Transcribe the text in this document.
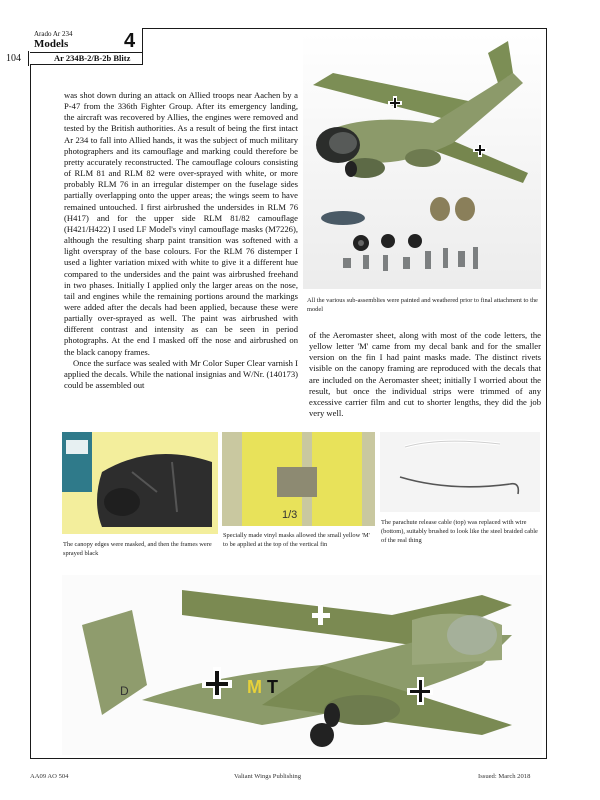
Arado Ar 234
Models	4
Ar 234B-2/B-2b Blitz
104

was shot down during an attack on Allied troops near Aachen by a P-47 from the 336th Fighter Group. After its emergency landing, the aircraft was recovered by Allies, the engines were removed and tested by the British authorities. As a result of being the first intact Ar 234 to fall into Allied hands, it was the subject of much military photographers and its camouflage and marking could therefore be pretty accurately reconstructed. The camouflage colours consisting of RLM 81 and RLM 82 were over-sprayed with white, or more probably RLM 76 in an irregular distemper on the fuselage sides partially overlapping onto the upper areas; the wings seem to have remained untouched. I first airbrushed the undersides in RLM 76 (H417) and for the upper side RLM 81/82 camouflage (H421/H422) I used LF Model's vinyl camouflage masks (M7226), although the resulting sharp paint transition was softened with a light overspray of the base colours. For the RLM 76 distemper I used a lighter variation mixed with white to give it a different hue compared to the undersides and the paint was airbrushed freehand in two phases. Initially I applied only the larger areas on the nose, tail and engines while the remaining portions around the markings were added after the decals had been applied, because these were partially over-sprayed as well. The paint was airbrushed with different contrast and intensity as can be seen in period photographs. At the end I masked off the nose and airbrushed on the black canopy frames.

Once the surface was sealed with Mr Color Super Clear varnish I applied the decals. While the national insignias and W/Nr. (140173) could be assembled out

All the various sub-assemblies were painted and weathered prior to final attachment to the model

of the Aeromaster sheet, along with most of the code letters, the yellow letter 'M' came from my decal bank and for the smaller version on the fin I had paint masks made. The distinct rivets visible on the canopy framing are reproduced with the decals that are included on the Aeromaster sheet; initially I worried about the result, but once the individual strips were trimmed of any excessive carrier film and cut to shorter lengths, they did the job very well.

The canopy edges were masked, and then the frames were sprayed black
1/3
Specially made vinyl masks allowed the small yellow 'M' to be applied at the top of the vertical fin
The parachute release cable (top) was replaced with wire (bottom), suitably brushed to look like the steel braided cable of the real thing
M T
D
AA09 AO 504	Valiant Wings Publishing	Issued: March 2018
